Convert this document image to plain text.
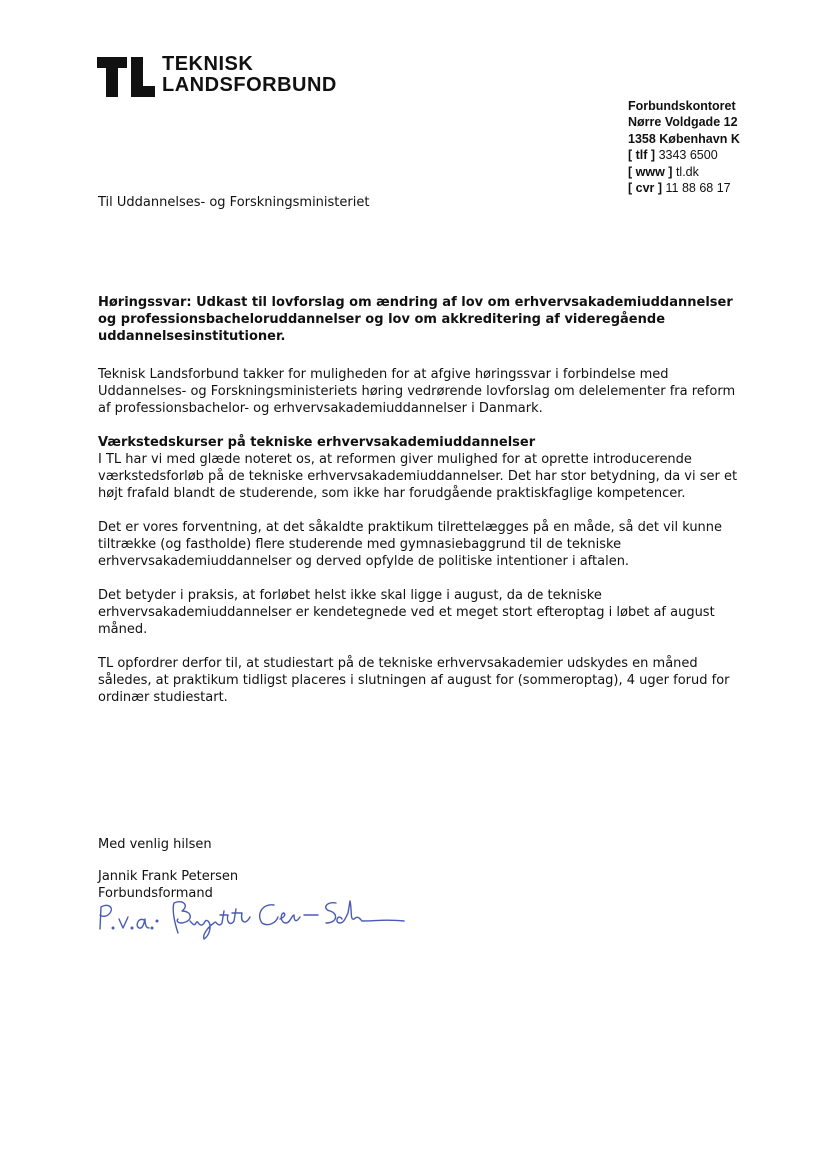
TEKNISK
LANDSFORBUND
Forbundskontoret
Nørre Voldgade 12
1358 København K
[ tlf ] 3343 6500
[ www ] tl.dk
[ cvr ] 11 88 68 17
Til Uddannelses- og Forskningsministeriet

Høringssvar: Udkast til lovforslag om ændring af lov om erhvervsakademiuddannelser og professionsbacheloruddannelser og lov om akkreditering af videregående uddannelsesinstitutioner.

Teknisk Landsforbund takker for muligheden for at afgive høringssvar i forbindelse med Uddannelses- og Forskningsministeriets høring vedrørende lovforslag om delelementer fra reform af professionsbachelor- og erhvervsakademiuddannelser i Danmark.

Værkstedskurser på tekniske erhvervsakademiuddannelser

I TL har vi med glæde noteret os, at reformen giver mulighed for at oprette introducerende værkstedsforløb på de tekniske erhvervsakademiuddannelser. Det har stor betydning, da vi ser et højt frafald blandt de studerende, som ikke har forudgående praktiskfaglige kompetencer.

Det er vores forventning, at det såkaldte praktikum tilrettelægges på en måde, så det vil kunne tiltrække (og fastholde) flere studerende med gymnasiebaggrund til de tekniske erhvervsakademiuddannelser og derved opfylde de politiske intentioner i aftalen.

Det betyder i praksis, at forløbet helst ikke skal ligge i august, da de tekniske erhvervsakademiuddannelser er kendetegnede ved et meget stort efteroptag i løbet af august måned.

TL opfordrer derfor til, at studiestart på de tekniske erhvervsakademier udskydes en måned således, at praktikum tidligst placeres i slutningen af august for (sommeroptag), 4 uger forud for ordinær studiestart.

Med venlig hilsen
Jannik Frank Petersen
Forbundsformand
